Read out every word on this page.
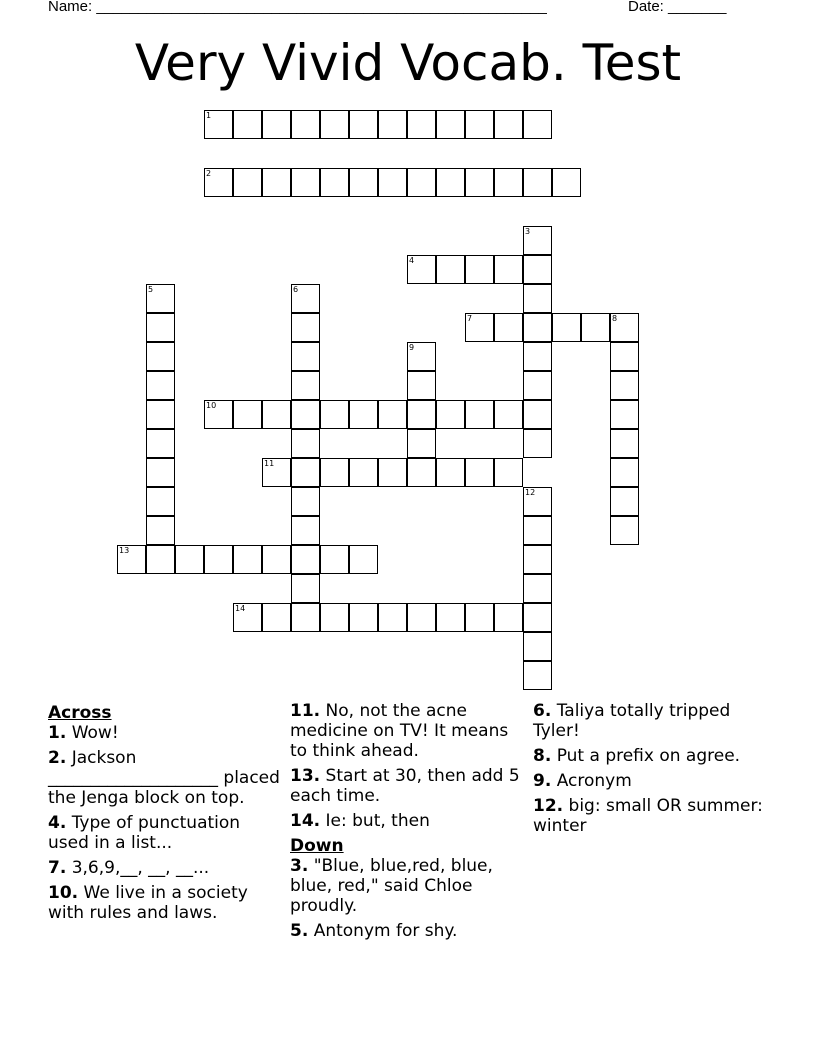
Name: ______________________________________________________	Date: _______
Very Vivid Vocab. Test
1
2
3
4
5	6
7	8
9
10
11
12
13
14
Across
1. Wow!
2. Jackson ____________________ placed the Jenga block on top.
4. Type of punctuation used in a list...
7. 3,6,9,__, __, __...
10. We live in a society with rules and laws.
11. No, not the acne medicine on TV! It means to think ahead.
13. Start at 30, then add 5 each time.
14. Ie: but, then
Down
3. "Blue, blue,red, blue, blue, red," said Chloe proudly.
5. Antonym for shy.
6. Taliya totally tripped Tyler!
8. Put a prefix on agree.
9. Acronym
12. big: small OR summer: winter
